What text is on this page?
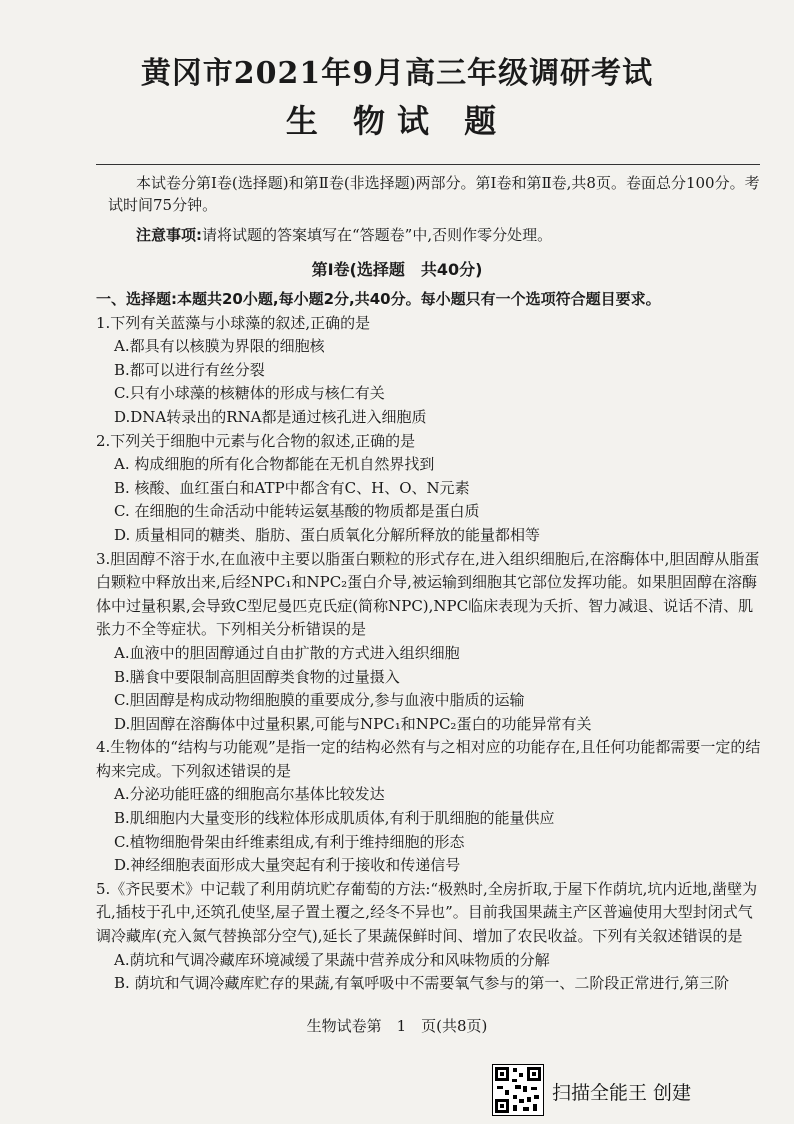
黄冈市2021年9月高三年级调研考试
生 物试 题
本试卷分第Ⅰ卷(选择题)和第Ⅱ卷(非选择题)两部分。第Ⅰ卷和第Ⅱ卷,共8页。卷面总分100分。考试时间75分钟。
注意事项:请将试题的答案填写在“答题卷”中,否则作零分处理。
第Ⅰ卷(选择题　共40分)
一、选择题:本题共20小题,每小题2分,共40分。每小题只有一个选项符合题目要求。

1.下列有关蓝藻与小球藻的叙述,正确的是

A.都具有以核膜为界限的细胞核

B.都可以进行有丝分裂

C.只有小球藻的核糖体的形成与核仁有关

D.DNA转录出的RNA都是通过核孔进入细胞质

2.下列关于细胞中元素与化合物的叙述,正确的是

A. 构成细胞的所有化合物都能在无机自然界找到

B. 核酸、血红蛋白和ATP中都含有C、H、O、N元素

C. 在细胞的生命活动中能转运氨基酸的物质都是蛋白质

D. 质量相同的糖类、脂肪、蛋白质氧化分解所释放的能量都相等

3.胆固醇不溶于水,在血液中主要以脂蛋白颗粒的形式存在,进入组织细胞后,在溶酶体中,胆固醇从脂蛋白颗粒中释放出来,后经NPC₁和NPC₂蛋白介导,被运输到细胞其它部位发挥功能。如果胆固醇在溶酶体中过量积累,会导致C型尼曼匹克氏症(简称NPC),NPC临床表现为夭折、智力减退、说话不清、肌张力不全等症状。下列相关分析错误的是

A.血液中的胆固醇通过自由扩散的方式进入组织细胞

B.膳食中要限制高胆固醇类食物的过量摄入

C.胆固醇是构成动物细胞膜的重要成分,参与血液中脂质的运输

D.胆固醇在溶酶体中过量积累,可能与NPC₁和NPC₂蛋白的功能异常有关

4.生物体的“结构与功能观”是指一定的结构必然有与之相对应的功能存在,且任何功能都需要一定的结构来完成。下列叙述错误的是

A.分泌功能旺盛的细胞高尔基体比较发达

B.肌细胞内大量变形的线粒体形成肌质体,有利于肌细胞的能量供应

C.植物细胞骨架由纤维素组成,有利于维持细胞的形态

D.神经细胞表面形成大量突起有利于接收和传递信号

5.《齐民要术》中记载了利用荫坑贮存葡萄的方法:“极熟时,全房折取,于屋下作荫坑,坑内近地,凿壁为孔,插枝于孔中,还筑孔使坚,屋子置土覆之,经冬不异也”。目前我国果蔬主产区普遍使用大型封闭式气调冷藏库(充入氮气替换部分空气),延长了果蔬保鲜时间、增加了农民收益。下列有关叙述错误的是

A.荫坑和气调冷藏库环境减缓了果蔬中营养成分和风味物质的分解

B. 荫坑和气调冷藏库贮存的果蔬,有氧呼吸中不需要氧气参与的第一、二阶段正常进行,第三阶

生物试卷第　1　页(共8页)
扫描全能王 创建
